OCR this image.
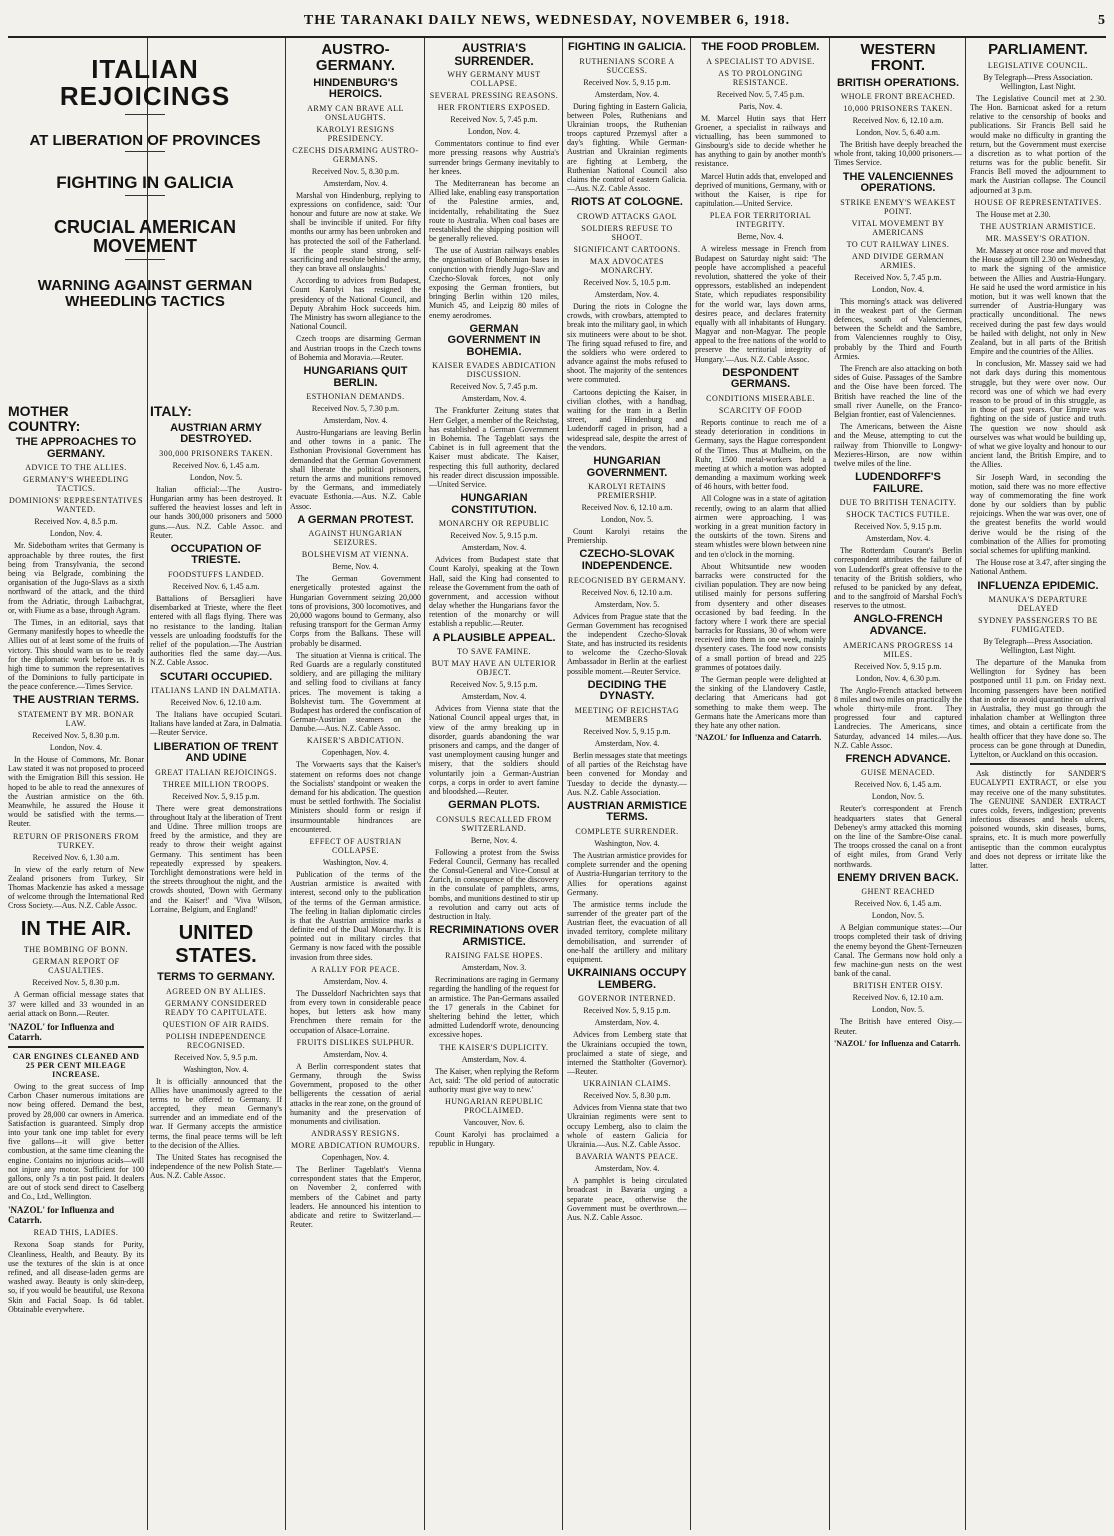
THE TARANAKI DAILY NEWS, WEDNESDAY, NOVEMBER 6, 1918.	5
ITALIAN REJOICINGS
AT LIBERATION OF PROVINCES
FIGHTING IN GALICIA
CRUCIAL AMERICAN MOVEMENT
WARNING AGAINST GERMAN WHEEDLING TACTICS
MOTHER COUNTRY:
THE APPROACHES TO GERMANY.
ADVICE TO THE ALLIES.
GERMANY'S WHEEDLING TACTICS.
DOMINIONS' REPRESENTATIVES WANTED.
Received Nov. 4, 8.5 p.m.
London, Nov. 4.

Mr. Sidebotham writes that Germany is approachable by three routes, the first being from Transylvania, the second being via Belgrade, combining the organisation of the Jugo-Slavs as a sixth northward of the attack, and the third from the Adriatic, through Laibachgrat, or, with Fiume as a base, through Agram.

The Times, in an editorial, says that Germany manifestly hopes to wheedle the Allies out of at least some of the fruits of victory. This should warn us to be ready for the diplomatic work before us. It is high time to summon the representatives of the Dominions to fully participate in the peace conference.—Times Service.

THE AUSTRIAN TERMS.
STATEMENT BY MR. BONAR LAW.
Received Nov. 5, 8.30 p.m.
London, Nov. 4.

In the House of Commons, Mr. Bonar Law stated it was not proposed to proceed with the Emigration Bill this session. He hoped to be able to read the annexures of the Austrian armistice on the 6th. Meanwhile, he assured the House it would be satisfied with the terms.—Reuter.

RETURN OF PRISONERS FROM TURKEY.
Received Nov. 6, 1.30 a.m.

In view of the early return of New Zealand prisoners from Turkey, Sir Thomas Mackenzie has asked a message of welcome through the International Red Cross Society.—Aus. N.Z. Cable Assoc.

IN THE AIR.
THE BOMBING OF BONN.
GERMAN REPORT OF CASUALTIES.
Received Nov. 5, 8.30 p.m.

A German official message states that 37 were killed and 33 wounded in an aerial attack on Bonn.—Reuter.

'NAZOL' for Influenza and Catarrh.
CAR ENGINES CLEANED AND 25 PER CENT MILEAGE INCREASE.

Owing to the great success of Imp Carbon Chaser numerous imitations are now being offered. Demand the best, proved by 28,000 car owners in America. Satisfaction is guaranteed. Simply drop into your tank one imp tablet for every five gallons—it will give better combustion, at the same time cleaning the engine. Contains no injurious acids—will not injure any motor. Sufficient for 100 gallons, only 7s a tin post paid. It dealers are out of stock send direct to Caselberg and Co., Ltd., Wellington.

'NAZOL' for Influenza and Catarrh.
READ THIS, LADIES.

Rexona Soap stands for Purity, Cleanliness, Health, and Beauty. By its use the textures of the skin is at once refined, and all disease-laden germs are washed away. Beauty is only skin-deep, so, if you would be beautiful, use Rexona Skin and Facial Soap. Is 6d tablet. Obtainable everywhere.

ITALY:
AUSTRIAN ARMY DESTROYED.
300,000 PRISONERS TAKEN.
Received Nov. 6, 1.45 a.m.
London, Nov. 5.

Italian official:—The Austro-Hungarian army has been destroyed. It suffered the heaviest losses and left in our hands 300,000 prisoners and 5000 guns.—Aus. N.Z. Cable Assoc. and Reuter.

OCCUPATION OF TRIESTE.
FOODSTUFFS LANDED.
Received Nov. 6, 1.45 a.m.

Battalions of Bersaglieri have disembarked at Trieste, where the fleet entered with all flags flying. There was no resistance to the landing. Italian vessels are unloading foodstuffs for the relief of the population.—The Austrian authorities fled the same day.—Aus. N.Z. Cable Assoc.

SCUTARI OCCUPIED.
ITALIANS LAND IN DALMATIA.
Received Nov. 6, 12.10 a.m.

The Italians have occupied Scutari. Italians have landed at Zara, in Dalmatia.—Reuter Service.

LIBERATION OF TRENT AND UDINE
GREAT ITALIAN REJOICINGS.
THREE MILLION TROOPS.
Received Nov. 5, 9.15 p.m.

There were great demonstrations throughout Italy at the liberation of Trent and Udine. Three million troops are freed by the armistice, and they are ready to throw their weight against Germany. This sentiment has been repeatedly expressed by speakers. Torchlight demonstrations were held in the streets throughout the night, and the crowds shouted, 'Down with Germany and the Kaiser!' and 'Viva Wilson, Lorraine, Belgium, and England!'

UNITED STATES.
TERMS TO GERMANY.
AGREED ON BY ALLIES.
GERMANY CONSIDERED READY TO CAPITULATE.
QUESTION OF AIR RAIDS.
POLISH INDEPENDENCE RECOGNISED.
Received Nov. 5, 9.5 p.m.
Washington, Nov. 4.

It is officially announced that the Allies have unanimously agreed to the terms to be offered to Germany. If accepted, they mean Germany's surrender and an immediate end of the war. If Germany accepts the armistice terms, the final peace terms will be left to the decision of the Allies.

The United States has recognised the independence of the new Polish State.—Aus. N.Z. Cable Assoc.

AUSTRO-GERMANY.
HINDENBURG'S HEROICS.
ARMY CAN BRAVE ALL ONSLAUGHTS.
KAROLYI RESIGNS PRESIDENCY.
CZECHS DISARMING AUSTRO-GERMANS.
Received Nov. 5, 8.30 p.m.
Amsterdam, Nov. 4.

Marshal von Hindenburg, replying to expressions on confidence, said: 'Our honour and future are now at stake. We shall be invincible if united. For fifty months our army has been unbroken and has protected the soil of the Fatherland. If the people stand strong, self-sacrificing and resolute behind the army, they can brave all onslaughts.'

According to advices from Budapest, Count Karolyi has resigned the presidency of the National Council, and Deputy Abrahim Hock succeeds him. The Ministry has sworn allegiance to the National Council.

Czech troops are disarming German and Austrian troops in the Czech towns of Bohemia and Moravia.—Reuter.

HUNGARIANS QUIT BERLIN.
ESTHONIAN DEMANDS.
Received Nov. 5, 7.30 p.m.
Amsterdam, Nov. 4.

Austro-Hungarians are leaving Berlin and other towns in a panic. The Esthonian Provisional Government has demanded that the German Government shall liberate the political prisoners, return the arms and munitions removed by the Germans, and immediately evacuate Esthonia.—Aus. N.Z. Cable Assoc.

A GERMAN PROTEST.
AGAINST HUNGARIAN SEIZURES.
BOLSHEVISM AT VIENNA.
Berne, Nov. 4.

The German Government energetically protested against the Hungarian Government seizing 20,000 tons of provisions, 300 locomotives, and 20,000 wagons bound to Germany, also refusing transport for the German Army Corps from the Balkans. These will probably be disarmed.

The situation at Vienna is critical. The Red Guards are a regularly constituted soldiery, and are pillaging the military and selling food to civilians at fancy prices. The movement is taking a Bolshevist turn. The Government at Budapest has ordered the confiscation of German-Austrian steamers on the Danube.—Aus. N.Z. Cable Assoc.

KAISER'S ABDICATION.
Copenhagen, Nov. 4.

The Vorwaerts says that the Kaiser's statement on reforms does not change the Socialists' standpoint or weaken the demand for his abdication. The question must be settled forthwith. The Socialist Ministers should form or resign if insurmountable hindrances are encountered.

EFFECT OF AUSTRIAN COLLAPSE.
Washington, Nov. 4.

Publication of the terms of the Austrian armistice is awaited with interest, second only to the publication of the terms of the German armistice. The feeling in Italian diplomatic circles is that the Austrian armistice marks a definite end of the Dual Monarchy. It is pointed out in military circles that Germany is now faced with the possible invasion from three sides.

A RALLY FOR PEACE.
Amsterdam, Nov. 4.

The Dusseldorf Nachrichten says that from every town in considerable peace hopes, but letters ask how many Frenchmen there remain for the occupation of Alsace-Lorraine.

FRUITS DISLIKES SULPHUR.
Amsterdam, Nov. 4.

A Berlin correspondent states that Germany, through the Swiss Government, proposed to the other belligerents the cessation of aerial attacks in the rear zone, on the ground of humanity and the preservation of monuments and civilisation.

ANDRASSY RESIGNS.
MORE ABDICATION RUMOURS.
Copenhagen, Nov. 4.

The Berliner Tageblatt's Vienna correspondent states that the Emperor, on November 2, conferred with members of the Cabinet and party leaders. He announced his intention to abdicate and retire to Switzerland.—Reuter.

AUSTRIA'S SURRENDER.
WHY GERMANY MUST COLLAPSE.
SEVERAL PRESSING REASONS.
HER FRONTIERS EXPOSED.
Received Nov. 5, 7.45 p.m.
London, Nov. 4.

Commentators continue to find ever more pressing reasons why Austria's surrender brings Germany inevitably to her knees.

The Mediterranean has become an Allied lake, enabling easy transportation of the Palestine armies, and, incidentally, rehabilitating the Suez route to Australia. When coal bases are reestablished the shipping position will be generally relieved.

The use of Austrian railways enables the organisation of Bohemian bases in conjunction with friendly Jugo-Slav and Czecho-Slovak forces, not only exposing the German frontiers, but bringing Berlin within 120 miles, Munich 45, and Leipzig 80 miles of enemy aerodromes.

GERMAN GOVERNMENT IN BOHEMIA.
KAISER EVADES ABDICATION DISCUSSION.
Received Nov. 5, 7.45 p.m.
Amsterdam, Nov. 4.

The Frankfurter Zeitung states that Herr Gelger, a member of the Reichstag, has established a German Government in Bohemia. The Tageblatt says the Cabinet is in full agreement that the Kaiser must abdicate. The Kaiser, respecting this full authority, declared his reader direct discussion impossible.—United Service.

HUNGARIAN CONSTITUTION.
MONARCHY OR REPUBLIC
Received Nov. 5, 9.15 p.m.
Amsterdam, Nov. 4.

Advices from Budapest state that Count Karolyi, speaking at the Town Hall, said the King had consented to release the Government from the oath of government, and accession without delay whether the Hungarians favor the retention of the monarchy or will establish a republic.—Reuter.

A PLAUSIBLE APPEAL.
TO SAVE FAMINE.
BUT MAY HAVE AN ULTERIOR OBJECT.
Received Nov. 5, 9.15 p.m.
Amsterdam, Nov. 4.

Advices from Vienna state that the National Council appeal urges that, in view of the army breaking up in disorder, guards abandoning the war prisoners and camps, and the danger of vast unemployment causing hunger and misery, that the soldiers should voluntarily join a German-Austrian corps, a corps in order to avert famine and bloodshed.—Reuter.

GERMAN PLOTS.
CONSULS RECALLED FROM SWITZERLAND.
Berne, Nov. 4.

Following a protest from the Swiss Federal Council, Germany has recalled the Consul-General and Vice-Consul at Zurich, in consequence of the discovery in the consulate of pamphlets, arms, bombs, and munitions destined to stir up a revolution and carry out acts of destruction in Italy.

RECRIMINATIONS OVER ARMISTICE.
RAISING FALSE HOPES.
Amsterdam, Nov. 3.

Recriminations are raging in Germany regarding the handling of the request for an armistice. The Pan-Germans assailed the 17 generals in the Cabinet for sheltering behind the letter, which admitted Ludendorff wrote, denouncing excessive hopes.

THE KAISER'S DUPLICITY.
Amsterdam, Nov. 4.

The Kaiser, when replying the Reform Act, said: 'The old period of autocratic authority must give way to new.'

HUNGARIAN REPUBLIC PROCLAIMED.
Vancouver, Nov. 6.

Count Karolyi has proclaimed a republic in Hungary.

FIGHTING IN GALICIA.
RUTHENIANS SCORE A SUCCESS.
Received Nov. 5, 9.15 p.m.
Amsterdam, Nov. 4.

During fighting in Eastern Galicia, between Poles, Ruthenians and Ukrainian troops, the Ruthenian troops captured Przemysl after a day's fighting. While German-Austrian and Ukrainian regiments are fighting at Lemberg, the Ruthenian National Council also claims the control of eastern Galicia.—Aus. N.Z. Cable Assoc.

RIOTS AT COLOGNE.
CROWD ATTACKS GAOL
SOLDIERS REFUSE TO SHOOT.
SIGNIFICANT CARTOONS.
MAX ADVOCATES MONARCHY.
Received Nov. 5, 10.5 p.m.
Amsterdam, Nov. 4.

During the riots in Cologne the crowds, with crowbars, attempted to break into the military gaol, in which six mutineers were about to be shot. The firing squad refused to fire, and the soldiers who were ordered to advance against the mobs refused to shoot. The majority of the sentences were commuted.

Cartoons depicting the Kaiser, in civilian clothes, with a handbag, waiting for the tram in a Berlin street, and Hindenburg and Ludendorff caged in prison, had a widespread sale, despite the arrest of the vendors.

HUNGARIAN GOVERNMENT.
KAROLYI RETAINS PREMIERSHIP.
Received Nov. 6, 12.10 a.m.
London, Nov. 5.

Count Karolyi retains the Premiership.

CZECHO-SLOVAK INDEPENDENCE.
RECOGNISED BY GERMANY.
Received Nov. 6, 12.10 a.m.
Amsterdam, Nov. 5.

Advices from Prague state that the German Government has recognised the independent Czecho-Slovak State, and has instructed its residents to welcome the Czecho-Slovak Ambassador in Berlin at the earliest possible moment.—Reuter Service.

DECIDING THE DYNASTY.
MEETING OF REICHSTAG MEMBERS
Received Nov. 5, 9.15 p.m.
Amsterdam, Nov. 4.

Berlin messages state that meetings of all parties of the Reichstag have been convened for Monday and Tuesday to decide the dynasty.—Aus. N.Z. Cable Association.

AUSTRIAN ARMISTICE TERMS.
COMPLETE SURRENDER.
Washington, Nov. 4.

The Austrian armistice provides for complete surrender and the opening of Austria-Hungarian territory to the Allies for operations against Germany.

The armistice terms include the surrender of the greater part of the Austrian fleet, the evacuation of all invaded territory, complete military demobilisation, and surrender of one-half the artillery and military equipment.

UKRAINIANS OCCUPY LEMBERG.
GOVERNOR INTERNED.
Received Nov. 5, 9.15 p.m.
Amsterdam, Nov. 4.

Advices from Lemberg state that the Ukrainians occupied the town, proclaimed a state of siege, and interned the Stattholter (Governor).—Reuter.

UKRAINIAN CLAIMS.
Received Nov. 5, 8.30 p.m.

Advices from Vienna state that two Ukrainian regiments were sent to occupy Lemberg, also to claim the whole of eastern Galicia for Ukrainia.—Aus. N.Z. Cable Assoc.

BAVARIA WANTS PEACE.
Amsterdam, Nov. 4.

A pamphlet is being circulated broadcast in Bavaria urging a separate peace, otherwise the Government must be overthrown.—Aus. N.Z. Cable Assoc.

THE FOOD PROBLEM.
A SPECIALIST TO ADVISE.
AS TO PROLONGING RESISTANCE.
Received Nov. 5, 7.45 p.m.
Paris, Nov. 4.

M. Marcel Hutin says that Herr Groener, a specialist in railways and victualling, has been summoned to Ginsbourg's side to decide whether he has anything to gain by another month's resistance.

Marcel Hutin adds that, enveloped and deprived of munitions, Germany, with or without the Kaiser, is ripe for capitulation.—United Service.

PLEA FOR TERRITORIAL INTEGRITY.
Berne, Nov. 4.

A wireless message in French from Budapest on Saturday night said: 'The people have accomplished a peaceful revolution, shattered the yoke of their oppressors, established an independent State, which repudiates responsibility for the world war, lays down arms, desires peace, and declares fraternity equally with all inhabitants of Hungary. Magyar and non-Magyar. The people appeal to the free nations of the world to preserve the territorial integrity of Hungary.'—Aus. N.Z. Cable Assoc.

DESPONDENT GERMANS.
CONDITIONS MISERABLE.
SCARCITY OF FOOD

Reports continue to reach me of a steady deterioration in conditions in Germany, says the Hague correspondent of the Times. Thus at Mulheim, on the Ruhr, 1500 metal-workers held a meeting at which a motion was adopted demanding a maximum working week of 46 hours, with better food.

All Cologne was in a state of agitation recently, owing to an alarm that allied airmen were approaching. I was working in a great munition factory in the outskirts of the town. Sirens and steam whistles were blown between nine and ten o'clock in the morning.

About Whitsuntide new wooden barracks were constructed for the civilian population. They are now being utilised mainly for persons suffering from dysentery and other diseases occasioned by bad feeding. In the factory where I work there are special barracks for Russians, 30 of whom were received into them in one week, mainly dysentery cases. The food now consists of a small portion of bread and 225 grammes of potatoes daily.

The German people were delighted at the sinking of the Llandovery Castle, declaring that Americans had got something to make them weep. The Germans hate the Americans more than they hate any other nation.

'NAZOL' for Influenza and Catarrh.
WESTERN FRONT.
BRITISH OPERATIONS.
WHOLE FRONT BREACHED.
10,000 PRISONERS TAKEN.
Received Nov. 6, 12.10 a.m.
London, Nov. 5, 6.40 a.m.

The British have deeply breached the whole front, taking 10,000 prisoners.—Times Service.

THE VALENCIENNES OPERATIONS.
STRIKE ENEMY'S WEAKEST POINT.
VITAL MOVEMENT BY AMERICANS
TO CUT RAILWAY LINES.
AND DIVIDE GERMAN ARMIES.
Received Nov. 5, 7.45 p.m.
London, Nov. 4.

This morning's attack was delivered in the weakest part of the German defences, south of Valenciennes, between the Scheldt and the Sambre, from Valenciennes roughly to Oisy, probably by the Third and Fourth Armies.

The French are also attacking on both sides of Guise. Passages of the Sambre and the Oise have been forced. The British have reached the line of the small river Aunelle, on the Franco-Belgian frontier, east of Valenciennes.

The Americans, between the Aisne and the Meuse, attempting to cut the railway from Thionville to Longwy-Mezieres-Hirson, are now within twelve miles of the line.

LUDENDORFF'S FAILURE.
DUE TO BRITISH TENACITY.
SHOCK TACTICS FUTILE.
Received Nov. 5, 9.15 p.m.
Amsterdam, Nov. 4.

The Rotterdam Courant's Berlin correspondent attributes the failure of von Ludendorff's great offensive to the tenacity of the British soldiers, who refused to be panicked by any defeat, and to the sangfroid of Marshal Foch's reserves to the utmost.

ANGLO-FRENCH ADVANCE.
AMERICANS PROGRESS 14 MILES.
Received Nov. 5, 9.15 p.m.
London, Nov. 4, 6.30 p.m.

The Anglo-French attacked between 8 miles and two miles on practically the whole thirty-mile front. They progressed four and captured Landrecies. The Americans, since Saturday, advanced 14 miles.—Aus. N.Z. Cable Assoc.

FRENCH ADVANCE.
GUISE MENACED.
Received Nov. 6, 1.45 a.m.
London, Nov. 5.

Reuter's correspondent at French headquarters states that General Debeney's army attacked this morning on the line of the Sambre-Oise canal. The troops crossed the canal on a front of eight miles, from Grand Verly northwards.

ENEMY DRIVEN BACK.
GHENT REACHED
Received Nov. 6, 1.45 a.m.
London, Nov. 5.

A Belgian communique states:—Our troops completed their task of driving the enemy beyond the Ghent-Terneuzen Canal. The Germans now hold only a few machine-gun nests on the west bank of the canal.

BRITISH ENTER OISY.
Received Nov. 6, 12.10 a.m.
London, Nov. 5.

The British have entered Oisy.—Reuter.

'NAZOL' for Influenza and Catarrh.
PARLIAMENT.
LEGISLATIVE COUNCIL.
By Telegraph—Press Association. Wellington, Last Night.

The Legislative Council met at 2.30. The Hon. Barnicoat asked for a return relative to the censorship of books and publications. Sir Francis Bell said he would make no difficulty in granting the return, but the Government must exercise a discretion as to what portion of the returns was for the public benefit. Sir Francis Bell moved the adjournment to mark the Austrian collapse. The Council adjourned at 3 p.m.

HOUSE OF REPRESENTATIVES.

The House met at 2.30.

THE AUSTRIAN ARMISTICE.
MR. MASSEY'S ORATION.

Mr. Massey at once rose and moved that the House adjourn till 2.30 on Wednesday, to mark the signing of the armistice between the Allies and Austria-Hungary. He said he used the word armistice in his motion, but it was well known that the surrender of Austria-Hungary was practically unconditional. The news received during the past few days would be hailed with delight, not only in New Zealand, but in all parts of the British Empire and the countries of the Allies.

In conclusion, Mr. Massey said we had not dark days during this momentous struggle, but they were over now. Our record was one of which we had every reason to be proud of in this struggle, as in those of past years. Our Empire was fighting on the side of justice and truth. The question we now should ask ourselves was what would be building up, of what we give loyalty and honour to our ancient land, the British Empire, and to the Allies.

Sir Joseph Ward, in seconding the motion, said there was no more effective way of commemorating the fine work done by our soldiers than by public rejoicings. When the war was over, one of the greatest benefits the world would derive would be the rising of the combination of the Allies for promoting social schemes for uplifting mankind.

The House rose at 3.47, after singing the National Anthem.

INFLUENZA EPIDEMIC.
MANUKA'S DEPARTURE DELAYED
SYDNEY PASSENGERS TO BE FUMIGATED.
By Telegraph—Press Association. Wellington, Last Night.

The departure of the Manuka from Wellington for Sydney has been postponed until 11 p.m. on Friday next. Incoming passengers have been notified that in order to avoid quarantine on arrival in Australia, they must go through the inhalation chamber at Wellington three times, and obtain a certificate from the health officer that they have done so. The process can be gone through at Dunedin, Lyttelton, or Auckland on this occasion.

Ask distinctly for SANDER'S EUCALYPTI EXTRACT, or else you may receive one of the many substitutes. The GENUINE SANDER EXTRACT cures colds, fevers, indigestion; prevents infectious diseases and heals ulcers, poisoned wounds, skin diseases, burns, sprains, etc. It is much more powerfully antiseptic than the common eucalyptus and does not depress or irritate like the latter.
